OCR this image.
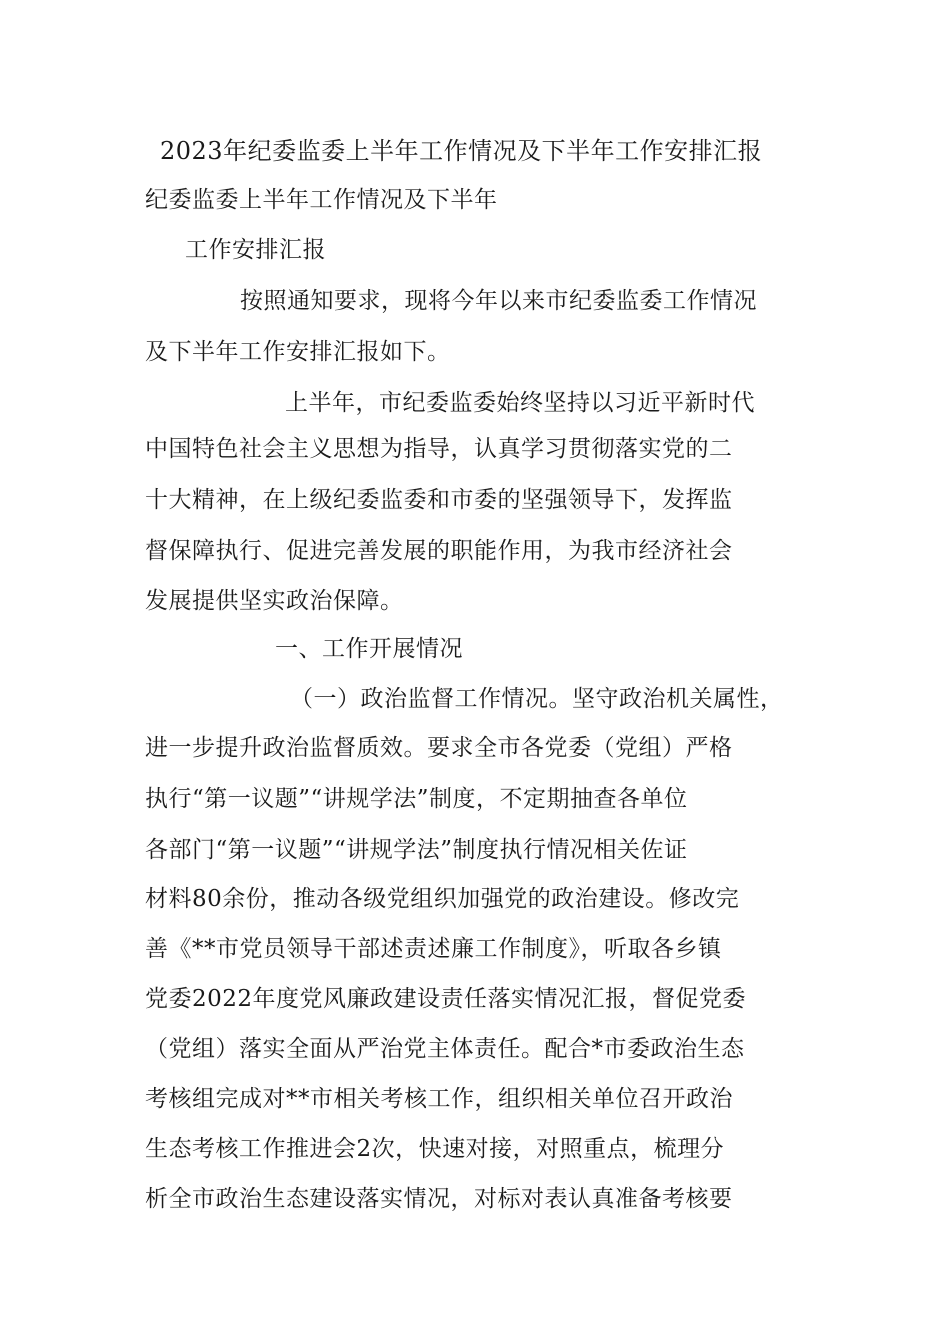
2023年纪委监委上半年工作情况及下半年工作安排汇报
纪委监委上半年工作情况及下半年
工作安排汇报
按照通知要求，现将今年以来市纪委监委工作情况
及下半年工作安排汇报如下。
上半年，市纪委监委始终坚持以习近平新时代
中国特色社会主义思想为指导，认真学习贯彻落实党的二
十大精神，在上级纪委监委和市委的坚强领导下，发挥监
督保障执行、促进完善发展的职能作用，为我市经济社会
发展提供坚实政治保障。
一、工作开展情况
（一）政治监督工作情况。坚守政治机关属性，
进一步提升政治监督质效。要求全市各党委（党组）严格
执行“第一议题”“讲规学法”制度，不定期抽查各单位
各部门“第一议题”“讲规学法”制度执行情况相关佐证
材料80余份，推动各级党组织加强党的政治建设。修改完
善《**市党员领导干部述责述廉工作制度》，听取各乡镇
党委2022年度党风廉政建设责任落实情况汇报，督促党委
（党组）落实全面从严治党主体责任。配合*市委政治生态
考核组完成对**市相关考核工作，组织相关单位召开政治
生态考核工作推进会2次，快速对接，对照重点，梳理分
析全市政治生态建设落实情况，对标对表认真准备考核要
